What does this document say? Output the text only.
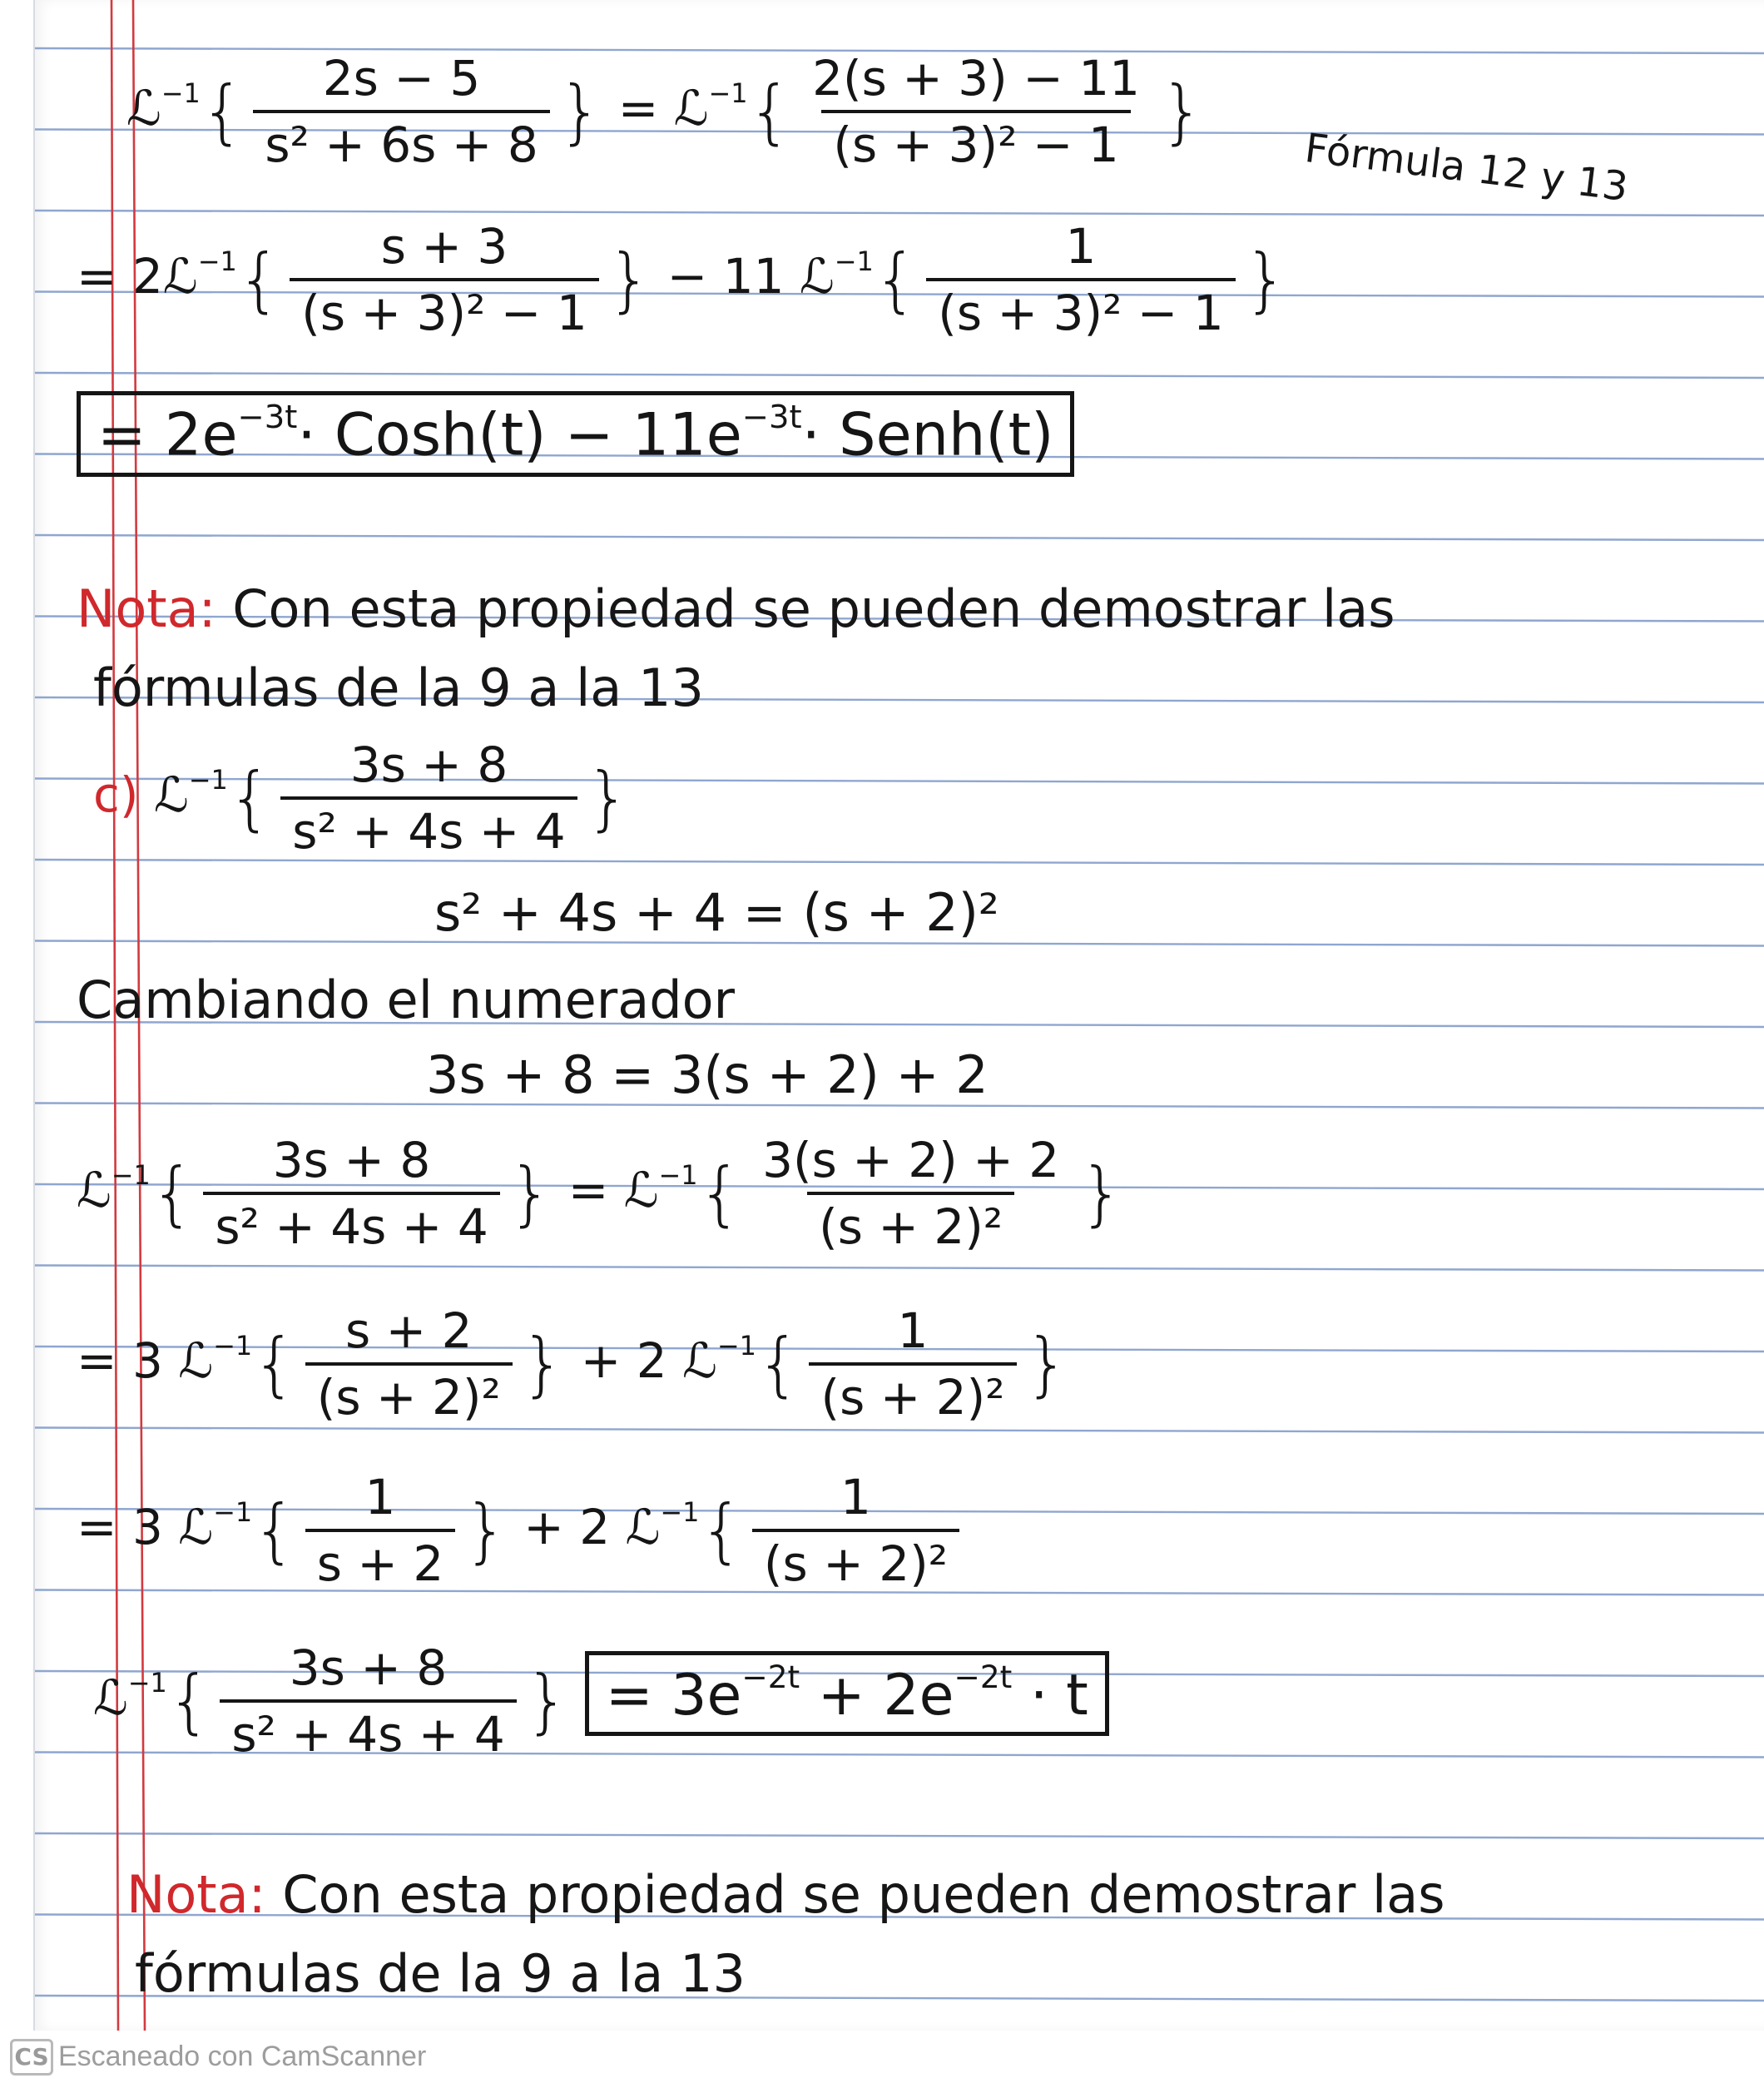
ℒ$^{-1}${ $\frac{2s - 5}{\text{s² + 6s + 8}}$ } = ℒ$^{-1}${ $\frac{2(s + 3) - 11}{\text{(s + 3)² − 1}}$ }
Fórmula 12 y 13
= 2ℒ$^{-1}${ $\frac{s + 3}{\text{(s + 3)² − 1}}$ } − 11 ℒ$^{-1}${ $\frac{1}{\text{(s + 3)² − 1}}$ }
= $2e^{-3t}\cdot$ Cosh(t) − $11e^{-3t}\cdot$ Senh(t)
Nota: Con esta propiedad se pueden demostrar las
fórmulas de la 9 a la 13
c) ℒ$^{-1}${ $\frac{3s + 8}{\text{s² + 4s + 4}}$ }
s² + 4s + 4 = (s + 2)²
Cambiando el numerador
3s + 8 = 3(s + 2) + 2
ℒ$^{-1}${ $\frac{3s + 8}{\text{s² + 4s + 4}}$ } = ℒ$^{-1}${ $\frac{3(s + 2) + 2}{\text{(s + 2)²}}$ }
= 3 ℒ$^{-1}${ $\frac{s + 2}{\text{(s + 2)²}}$ } + 2 ℒ$^{-1}${ $\frac{1}{\text{(s + 2)²}}$ }
= 3 ℒ$^{-1}${ $\frac{1}{s + 2}$ } + 2 ℒ$^{-1}${ $\frac{1}{\text{(s + 2)²}}$
ℒ$^{-1}${ $\frac{3s + 8}{\text{s² + 4s + 4}}$ } = $3e^{-2t} + 2e^{-2t} \cdot t$
Nota: Con esta propiedad se pueden demostrar las
fórmulas de la 9 a la 13
CS Escaneado con CamScanner
